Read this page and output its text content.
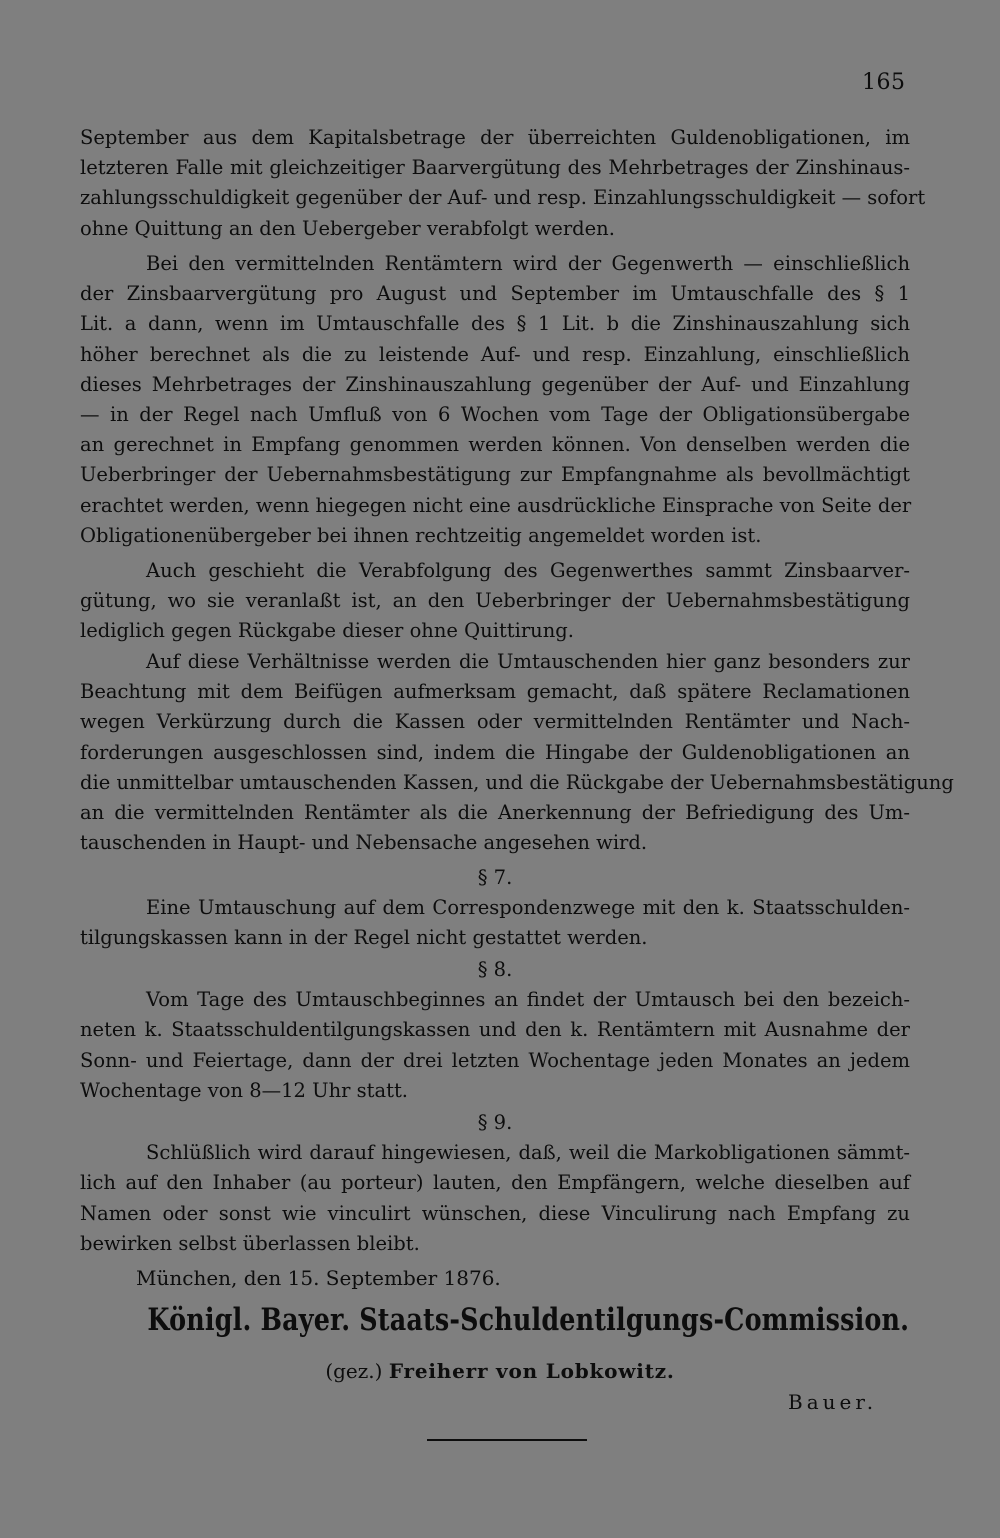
165
September aus dem Kapitalsbetrage der überreichten Guldenobligationen, im
letzteren Falle mit gleichzeitiger Baarvergütung des Mehrbetrages der Zinshinaus-
zahlungsschuldigkeit gegenüber der Auf- und resp. Einzahlungsschuldigkeit — sofort
ohne Quittung an den Uebergeber verabfolgt werden.
Bei den vermittelnden Rentämtern wird der Gegenwerth — einschließlich
der Zinsbaarvergütung pro August und September im Umtauschfalle des § 1
Lit. a dann, wenn im Umtauschfalle des § 1 Lit. b die Zinshinauszahlung sich
höher berechnet als die zu leistende Auf- und resp. Einzahlung, einschließlich
dieses Mehrbetrages der Zinshinauszahlung gegenüber der Auf- und Einzahlung
— in der Regel nach Umfluß von 6 Wochen vom Tage der Obligationsübergabe
an gerechnet in Empfang genommen werden können. Von denselben werden die
Ueberbringer der Uebernahmsbestätigung zur Empfangnahme als bevollmächtigt
erachtet werden, wenn hiegegen nicht eine ausdrückliche Einsprache von Seite der
Obligationenübergeber bei ihnen rechtzeitig angemeldet worden ist.
Auch geschieht die Verabfolgung des Gegenwerthes sammt Zinsbaarver-
gütung, wo sie veranlaßt ist, an den Ueberbringer der Uebernahmsbestätigung
lediglich gegen Rückgabe dieser ohne Quittirung.
Auf diese Verhältnisse werden die Umtauschenden hier ganz besonders zur
Beachtung mit dem Beifügen aufmerksam gemacht, daß spätere Reclamationen
wegen Verkürzung durch die Kassen oder vermittelnden Rentämter und Nach-
forderungen ausgeschlossen sind, indem die Hingabe der Guldenobligationen an
die unmittelbar umtauschenden Kassen, und die Rückgabe der Uebernahmsbestätigung
an die vermittelnden Rentämter als die Anerkennung der Befriedigung des Um-
tauschenden in Haupt- und Nebensache angesehen wird.
§ 7.
Eine Umtauschung auf dem Correspondenzwege mit den k. Staatsschulden-
tilgungskassen kann in der Regel nicht gestattet werden.
§ 8.
Vom Tage des Umtauschbeginnes an findet der Umtausch bei den bezeich-
neten k. Staatsschuldentilgungskassen und den k. Rentämtern mit Ausnahme der
Sonn- und Feiertage, dann der drei letzten Wochentage jeden Monates an jedem
Wochentage von 8—12 Uhr statt.
§ 9.
Schlüßlich wird darauf hingewiesen, daß, weil die Markobligationen sämmt-
lich auf den Inhaber (au porteur) lauten, den Empfängern, welche dieselben auf
Namen oder sonst wie vinculirt wünschen, diese Vinculirung nach Empfang zu
bewirken selbst überlassen bleibt.
München, den 15. September 1876.
Königl. Bayer. Staats-Schuldentilgungs-Commission.
(gez.) Freiherr von Lobkowitz.
Bauer.
